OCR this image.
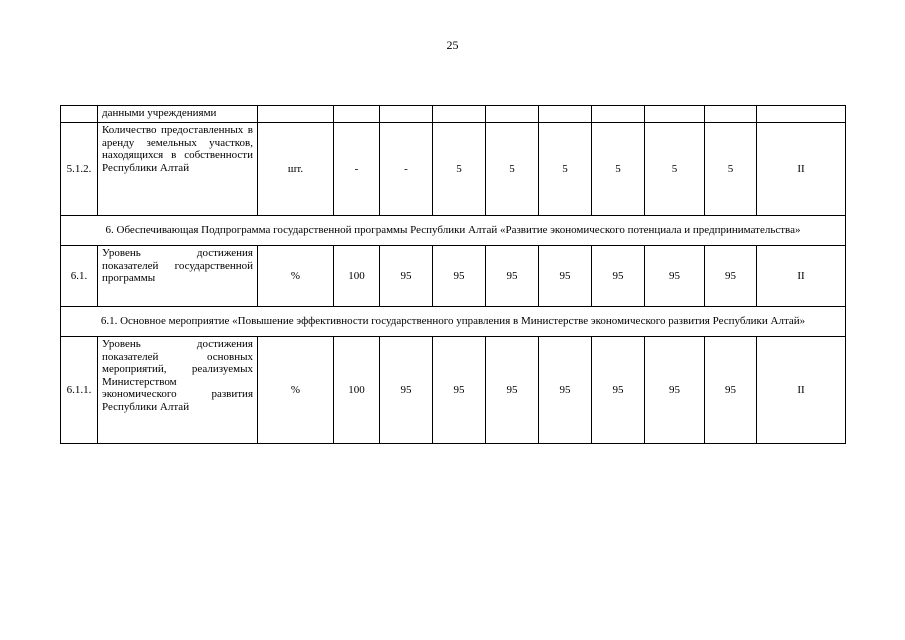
25
	данными учреждениями										
5.1.2.	Количество предоставленных в аренду земельных участков, находящихся в собственности Республики Алтай	шт.	-	-	5	5	5	5	5	5	II
6. Обеспечивающая Подпрограмма государственной программы Республики Алтай «Развитие экономического потенциала и предпринимательства»											
6.1.	Уровень достижения показателей государственной программы	%	100	95	95	95	95	95	95	95	II
6.1. Основное мероприятие «Повышение эффективности государственного управления в Министерстве экономического развития Республики Алтай»											
6.1.1.	Уровень достижения показателей основных мероприятий, реализуемых Министерством экономического развития Республики Алтай	%	100	95	95	95	95	95	95	95	II
